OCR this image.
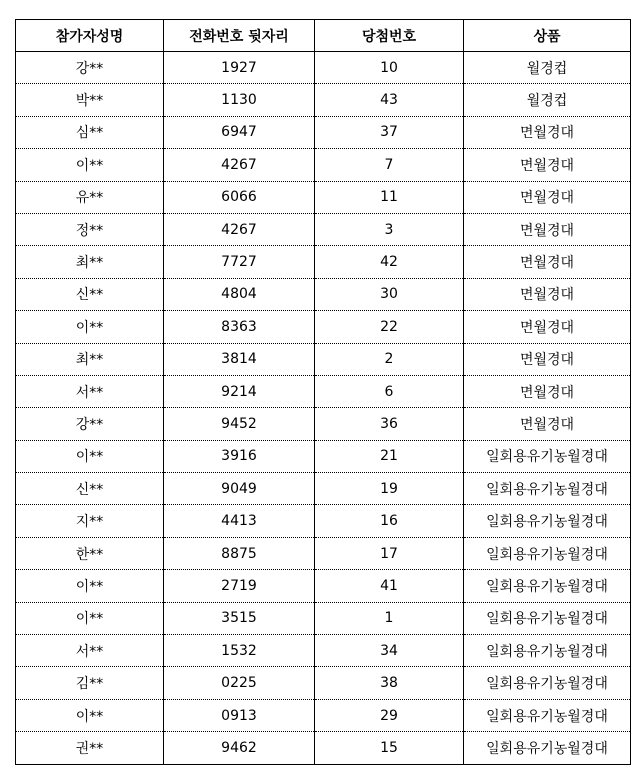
참가자성명	전화번호 뒷자리	당첨번호	상품
강**	1927	10	월경컵
박**	1130	43	월경컵
심**	6947	37	면월경대
이**	4267	7	면월경대
유**	6066	11	면월경대
정**	4267	3	면월경대
최**	7727	42	면월경대
신**	4804	30	면월경대
이**	8363	22	면월경대
최**	3814	2	면월경대
서**	9214	6	면월경대
강**	9452	36	면월경대
이**	3916	21	일회용유기농월경대
신**	9049	19	일회용유기농월경대
지**	4413	16	일회용유기농월경대
한**	8875	17	일회용유기농월경대
이**	2719	41	일회용유기농월경대
이**	3515	1	일회용유기농월경대
서**	1532	34	일회용유기농월경대
김**	0225	38	일회용유기농월경대
이**	0913	29	일회용유기농월경대
권**	9462	15	일회용유기농월경대
